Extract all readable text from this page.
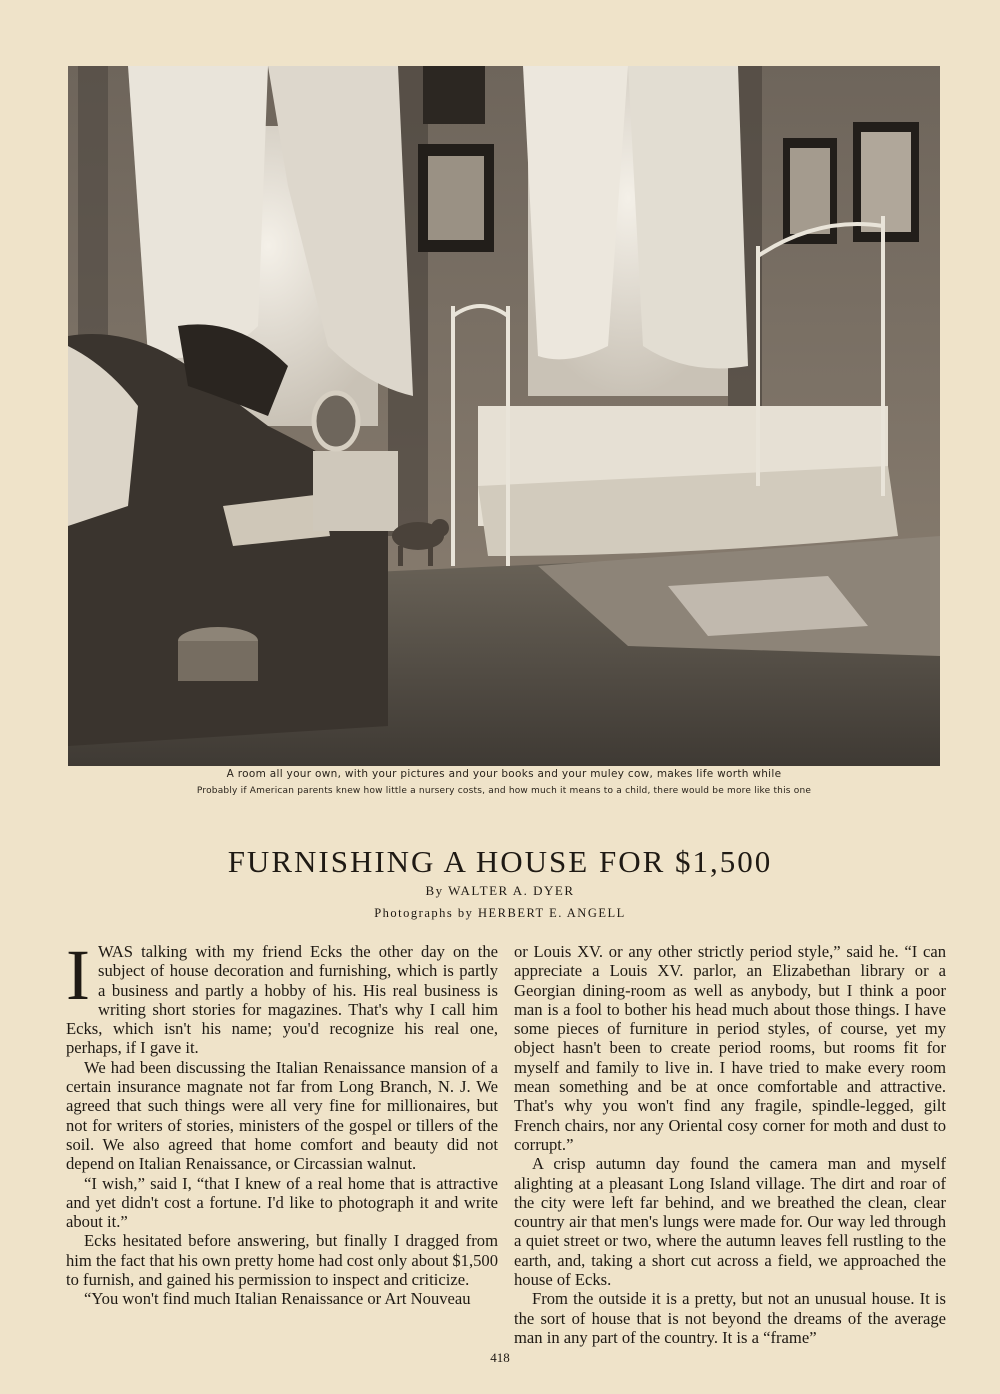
A room all your own, with your pictures and your books and your muley cow, makes life worth while
Probably if American parents knew how little a nursery costs, and how much it means to a child, there would be more like this one
FURNISHING A HOUSE FOR $1,500
By WALTER A. DYER
Photographs by HERBERT E. ANGELL

IWAS talking with my friend Ecks the other day on the subject of house decoration and furnishing, which is partly a business and partly a hobby of his. His real business is writing short stories for magazines. That's why I call him Ecks, which isn't his name; you'd recognize his real one, perhaps, if I gave it.

We had been discussing the Italian Renaissance mansion of a certain insurance magnate not far from Long Branch, N. J. We agreed that such things were all very fine for millionaires, but not for writers of stories, ministers of the gospel or tillers of the soil. We also agreed that home comfort and beauty did not depend on Italian Renaissance, or Circassian walnut.

“I wish,” said I, “that I knew of a real home that is attractive and yet didn't cost a fortune. I'd like to photograph it and write about it.”

Ecks hesitated before answering, but finally I dragged from him the fact that his own pretty home had cost only about $1,500 to furnish, and gained his permission to inspect and criticize.

“You won't find much Italian Renaissance or Art Nouveau

or Louis XV. or any other strictly period style,” said he. “I can appreciate a Louis XV. parlor, an Elizabethan library or a Georgian dining-room as well as anybody, but I think a poor man is a fool to bother his head much about those things. I have some pieces of furniture in period styles, of course, yet my object hasn't been to create period rooms, but rooms fit for myself and family to live in. I have tried to make every room mean something and be at once comfortable and attractive. That's why you won't find any fragile, spindle-legged, gilt French chairs, nor any Oriental cosy corner for moth and dust to corrupt.”

A crisp autumn day found the camera man and myself alighting at a pleasant Long Island village. The dirt and roar of the city were left far behind, and we breathed the clean, clear country air that men's lungs were made for. Our way led through a quiet street or two, where the autumn leaves fell rustling to the earth, and, taking a short cut across a field, we approached the house of Ecks.

From the outside it is a pretty, but not an unusual house. It is the sort of house that is not beyond the dreams of the average man in any part of the country. It is a “frame”

418
